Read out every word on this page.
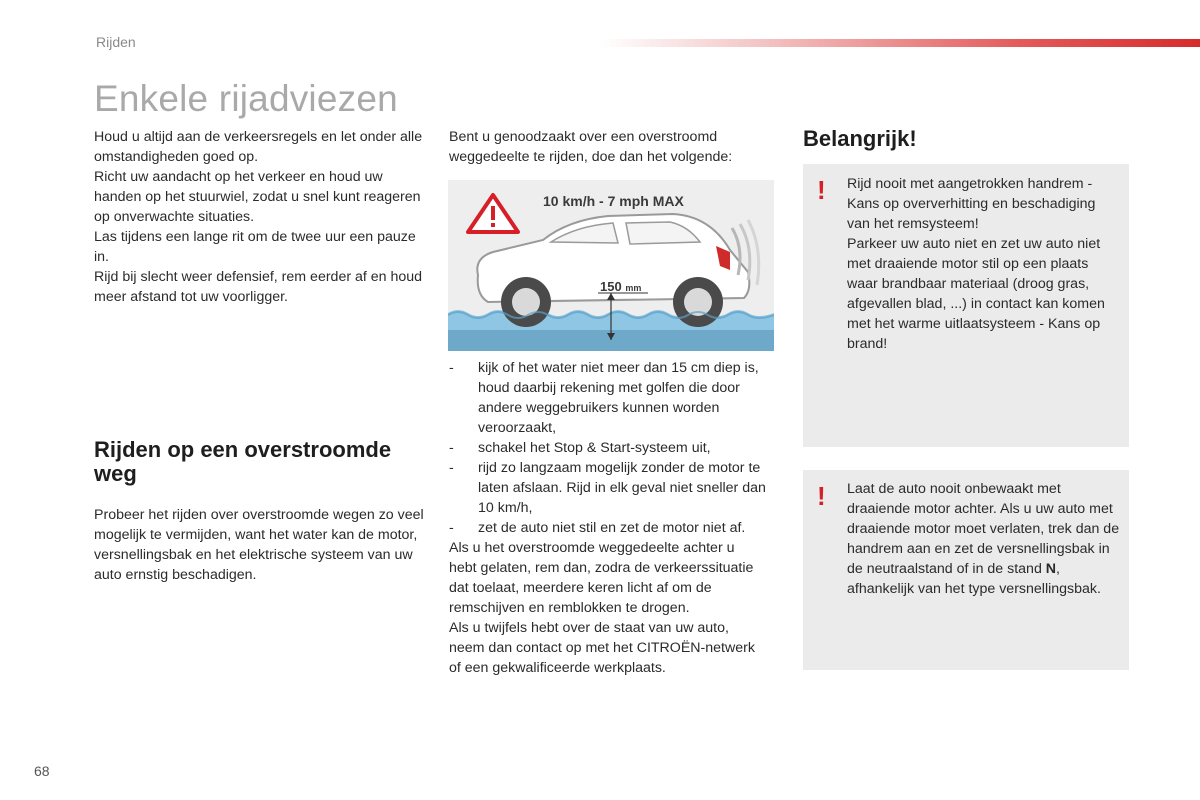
Rijden
Enkele rijadviezen

Houd u altijd aan de verkeersregels en let onder alle omstandigheden goed op.

Richt uw aandacht op het verkeer en houd uw handen op het stuurwiel, zodat u snel kunt reageren op onverwachte situaties.

Las tijdens een lange rit om de twee uur een pauze in.

Rijd bij slecht weer defensief, rem eerder af en houd meer afstand tot uw voorligger.

Rijden op een overstroomde weg
Probeer het rijden over overstroomde wegen zo veel mogelijk te vermijden, want het water kan de motor, versnellingsbak en het elektrische systeem van uw auto ernstig beschadigen.
Bent u genoodzaakt over een overstroomd weggedeelte te rijden, doe dan het volgende:
10 km/h - 7 mph MAX
150 mm
- kijk of het water niet meer dan 15 cm diep is, houd daarbij rekening met golfen die door andere weggebruikers kunnen worden veroorzaakt,
- schakel het Stop & Start-systeem uit,
- rijd zo langzaam mogelijk zonder de motor te laten afslaan. Rijd in elk geval niet sneller dan 10 km/h,
- zet de auto niet stil en zet de motor niet af.

Als u het overstroomde weggedeelte achter u hebt gelaten, rem dan, zodra de verkeerssituatie dat toelaat, meerdere keren licht af om de remschijven en remblokken te drogen.

Als u twijfels hebt over de staat van uw auto, neem dan contact op met het CITROËN-netwerk of een gekwalificeerde werkplaats.

Belangrijk!
! Rijd nooit met aangetrokken handrem - Kans op oververhitting en beschadiging van het remsysteem!

Parkeer uw auto niet en zet uw auto niet met draaiende motor stil op een plaats waar brandbaar materiaal (droog gras, afgevallen blad, ...) in contact kan komen met het warme uitlaatsysteem - Kans op brand!

! Laat de auto nooit onbewaakt met draaiende motor achter. Als u uw auto met draaiende motor moet verlaten, trek dan de handrem aan en zet de versnellingsbak in de neutraalstand of in de stand N, afhankelijk van het type versnellingsbak.
68
